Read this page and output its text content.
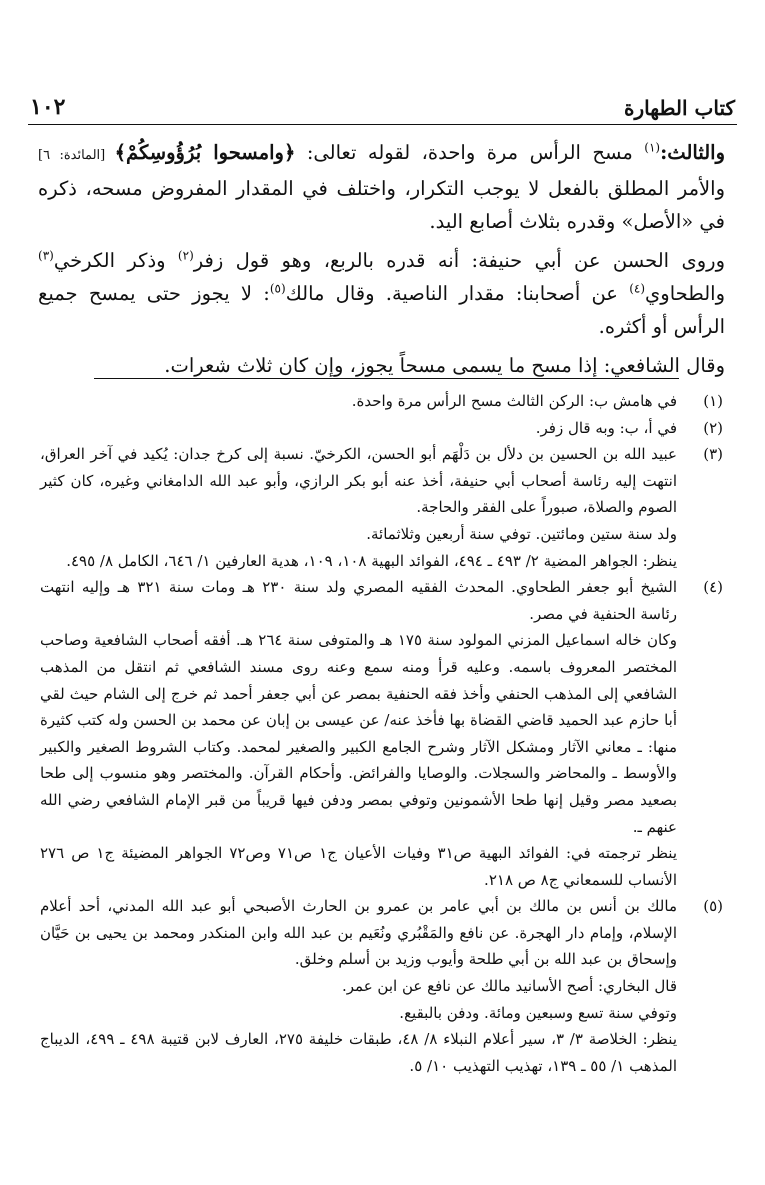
كتاب الطهارة
١٠٢

والثالث:$^{(١)}$ مسح الرأس مرة واحدة، لقوله تعالى: ﴿وامسحوا بُرُؤُوسِكُمْ﴾ [المائدة: ٦] والأمر المطلق بالفعل لا يوجب التكرار، واختلف في المقدار المفروض مسحه، ذكره في «الأصل» وقدره بثلاث أصابع اليد.

وروى الحسن عن أبي حنيفة: أنه قدره بالربع، وهو قول زفر$^{(٢)}$ وذكر الكرخي$^{(٣)}$ والطحاوي$^{(٤)}$ عن أصحابنا: مقدار الناصية. وقال مالك$^{(٥)}$: لا يجوز حتى يمسح جميع الرأس أو أكثره.

وقال الشافعي: إذا مسح ما يسمى مسحاً يجوز، وإن كان ثلاث شعرات.

(١)

في هامش ب: الركن الثالث مسح الرأس مرة واحدة.

(٢)

في أ، ب: وبه قال زفر.

(٣)

عبيد الله بن الحسين بن دلأل بن دَلْهَم أبو الحسن، الكرخيّ. نسبة إلى كرخ جدان: يُكيد في آخر العراق، انتهت إليه رئاسة أصحاب أبي حنيفة، أخذ عنه أبو بكر الرازي، وأبو عبد الله الدامغاني وغيره، كان كثير الصوم والصلاة، صبوراً على الفقر والحاجة.

ولد سنة ستين ومائتين. توفي سنة أربعين وثلاثمائة.

ينظر: الجواهر المضية ٢/ ٤٩٣ ـ ٤٩٤، الفوائد البهية ١٠٨، ١٠٩، هدية العارفين ١/ ٦٤٦، الكامل ٨/ ٤٩٥.

(٤)

الشيخ أبو جعفر الطحاوي. المحدث الفقيه المصري ولد سنة ٢٣٠ هـ ومات سنة ٣٢١ هـ وإليه انتهت رئاسة الحنفية في مصر.

وكان خاله اسماعيل المزني المولود سنة ١٧٥ هـ والمتوفى سنة ٢٦٤ هـ. أفقه أصحاب الشافعية وصاحب المختصر المعروف باسمه. وعليه قرأ ومنه سمع وعنه روى مسند الشافعي ثم انتقل من المذهب الشافعي إلى المذهب الحنفي وأخذ فقه الحنفية بمصر عن أبي جعفر أحمد ثم خرج إلى الشام حيث لقي أبا حازم عبد الحميد قاضي القضاة بها فأخذ عنه/ عن عيسى بن إبان عن محمد بن الحسن وله كتب كثيرة منها: ـ معاني الآثار ومشكل الآثار وشرح الجامع الكبير والصغير لمحمد. وكتاب الشروط الصغير والكبير والأوسط ـ والمحاضر والسجلات. والوصايا والفرائض. وأحكام القرآن. والمختصر وهو منسوب إلى طحا بصعيد مصر وقيل إنها طحا الأشمونين وتوفي بمصر ودفن فيها قريباً من قبر الإمام الشافعي رضي الله عنهم ـ.

ينظر ترجمته في: الفوائد البهية ص٣١ وفيات الأعيان ج١ ص٧١ وص٧٢ الجواهر المضيئة ج١ ص ٢٧٦ الأنساب للسمعاني ج٨ ص ٢١٨.

(٥)

مالك بن أنس بن مالك بن أبي عامر بن عمرو بن الحارث الأصبحي أبو عبد الله المدني، أحد أعلام الإسلام، وإمام دار الهجرة. عن نافع والمَقْبُري ونُعَيم بن عبد الله وابن المنكدر ومحمد بن يحيى بن حَيَّان وإسحاق بن عبد الله بن أبي طلحة وأيوب وزيد بن أسلم وخلق.

قال البخاري: أصح الأسانيد مالك عن نافع عن ابن عمر.

وتوفي سنة تسع وسبعين ومائة. ودفن بالبقيع.

ينظر: الخلاصة ٣/ ٣، سير أعلام النبلاء ٨/ ٤٨، طبقات خليفة ٢٧٥، العارف لابن قتيبة ٤٩٨ ـ ٤٩٩، الديباج المذهب ١/ ٥٥ ـ ١٣٩، تهذيب التهذيب ١٠/ ٥.
